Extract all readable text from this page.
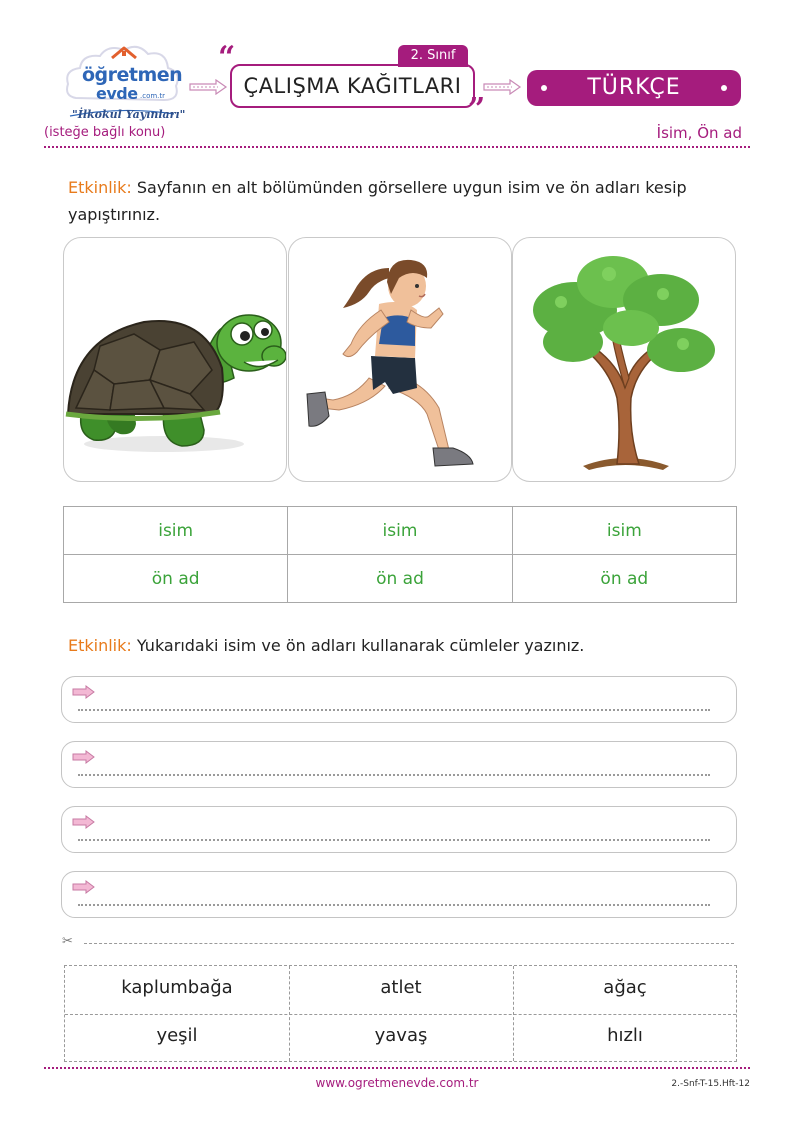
öğretmen
evde .com.tr
"İlkokul Yayınları"
“	2. Sınıf
ÇALIŞMA KAĞITLARI
”
TÜRKÇE
(isteğe bağlı konu)	İsim, Ön ad
Etkinlik: Sayfanın en alt bölümünden görsellere uygun isim ve ön adları kesip yapıştırınız.
isim	isim	isim
ön ad	ön ad	ön ad
Etkinlik: Yukarıdaki isim ve ön adları kullanarak cümleler yazınız.
✂
kaplumbağa	atlet	ağaç
yeşil	yavaş	hızlı
www.ogretmenevde.com.tr	2.-Snf-T-15.Hft-12
